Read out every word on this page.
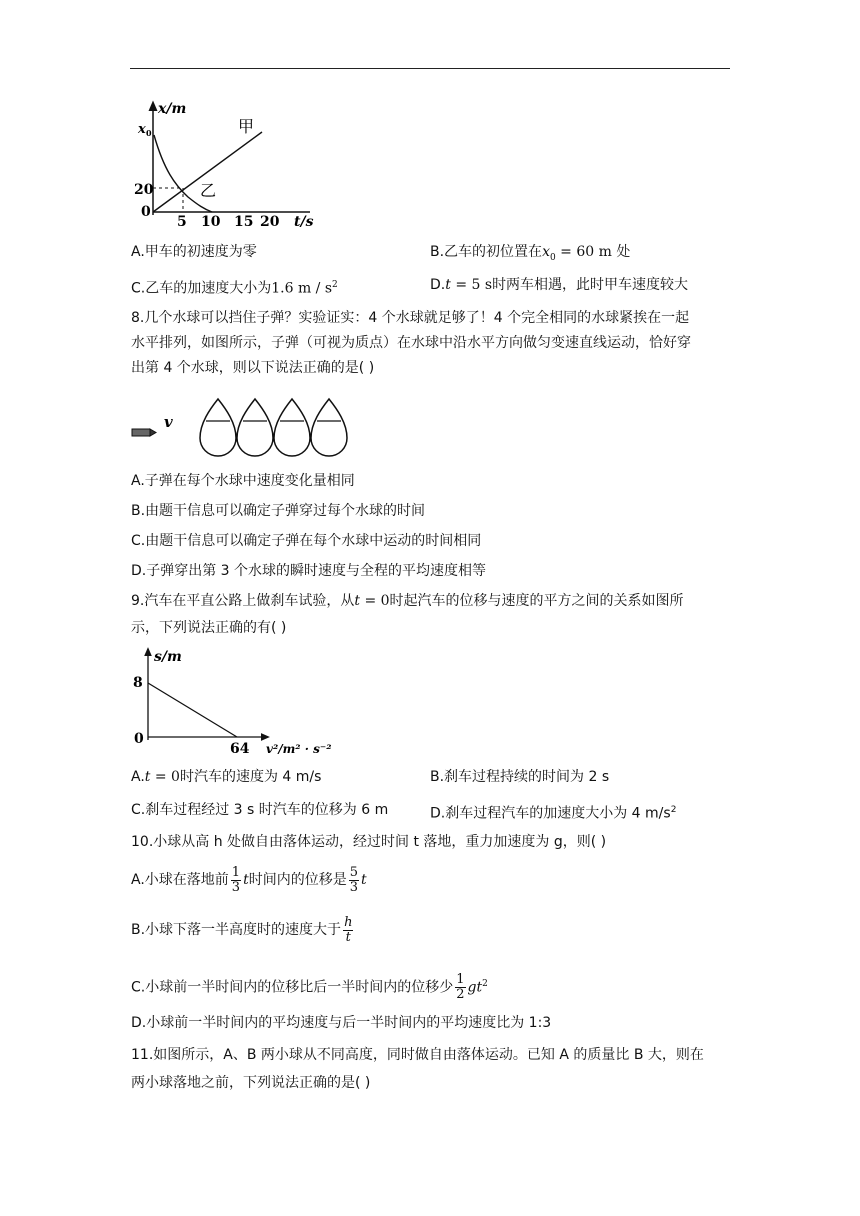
x/m
x 0
20
0
5 10 15 20 t/s
甲
乙
A.甲车的初速度为零	B.乙车的初位置在$x_0 = 60$ m 处
C.乙车的加速度大小为1.6 m / $s^2$	D.t = 5 s时两车相遇，此时甲车速度较大
8.几个水球可以挡住子弹？实验证实：4 个水球就足够了！4 个完全相同的水球紧挨在一起
水平排列，如图所示，子弹（可视为质点）在水球中沿水平方向做匀变速直线运动，恰好穿
出第 4 个水球，则以下说法正确的是( )
v
A.子弹在每个水球中速度变化量相同
B.由题干信息可以确定子弹穿过每个水球的时间
C.由题干信息可以确定子弹在每个水球中运动的时间相同
D.子弹穿出第 3 个水球的瞬时速度与全程的平均速度相等
9.汽车在平直公路上做刹车试验，从t = 0时起汽车的位移与速度的平方之间的关系如图所
示，下列说法正确的有( )
s/m
8
0
64 v²/m² · s⁻²
A.t = 0时汽车的速度为 4 m/s	B.刹车过程持续的时间为 2 s
C.刹车过程经过 3 s 时汽车的位移为 6 m	D.刹车过程汽车的加速度大小为 4 $m/s^2$
10.小球从高 h 处做自由落体运动，经过时间 t 落地，重力加速度为 g，则( )
A.小球在落地前 $\frac{1}{3}$ t时间内的位移是 $\frac{5}{3}$ t
B.小球下落一半高度时的速度大于 $\frac{h}{t}$
C.小球前一半时间内的位移比后一半时间内的位移少 $\frac{1}{2} gt^2$
D.小球前一半时间内的平均速度与后一半时间内的平均速度比为 1:3
11.如图所示，A、B 两小球从不同高度，同时做自由落体运动。已知 A 的质量比 B 大，则在
两小球落地之前，下列说法正确的是( )
